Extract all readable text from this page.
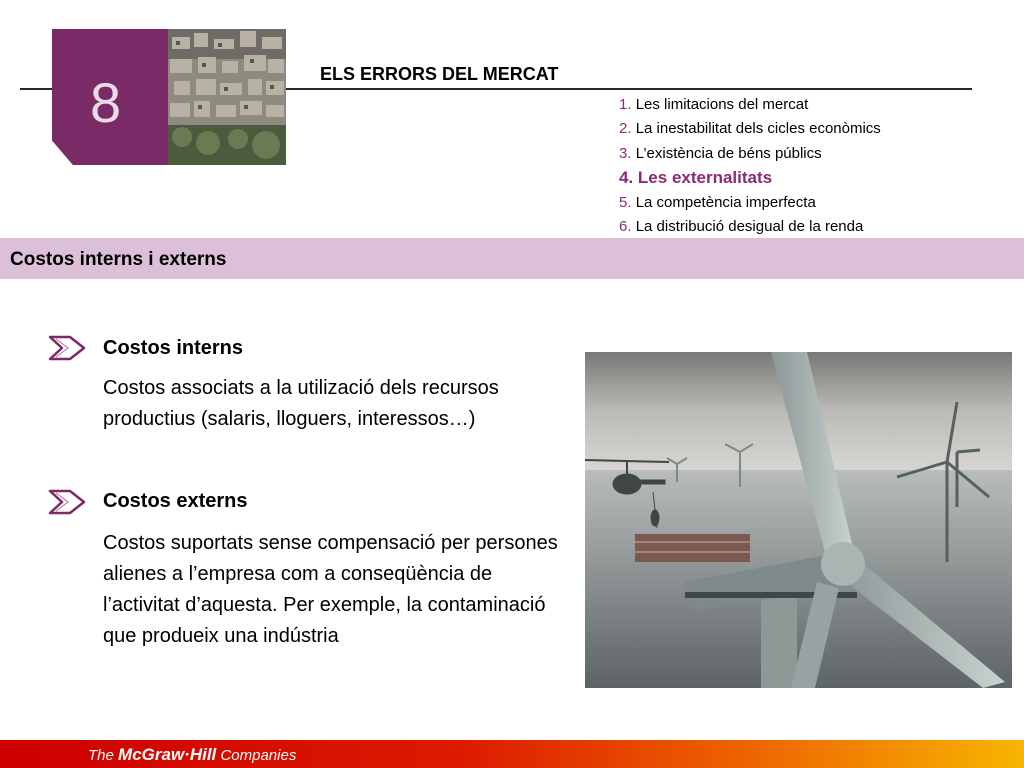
8	ELS ERRORS DEL MERCAT
1. Les limitacions del mercat
2. La inestabilitat dels cicles econòmics
3. L’existència de béns públics
4. Les externalitats
5. La competència imperfecta
6. La distribució desigual de la renda
Costos interns i externs
Costos interns

Costos associats a la utilizació dels recursos productius (salaris, lloguers, interessos…)

Costos externs

Costos suportats sense compensació per persones alienes a l’empresa com a conseqüència de l’activitat d’aquesta. Per exemple, la contaminació que produeix una indústria

The McGraw·Hill Companies
